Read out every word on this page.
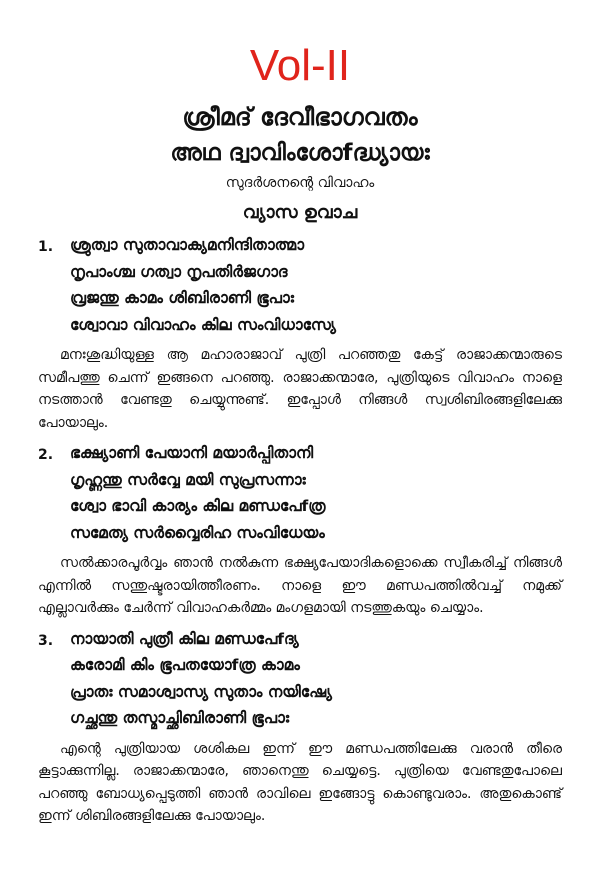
Vol-II
ശ്രീമദ് ദേവീഭാഗവതം
അഥ ദ്വാവിംശോfദ്ധ്യായഃ
സുദർശനന്റെ വിവാഹം
വ്യാസ ഉവാച
1. ശ്രുത്വാ സുതാവാക്യമനിന്ദിതാത്മാ
നൃപാംശ്ച ഗത്വാ നൃപതിർജഗാദ
വ്രജന്തു കാമം ശിബിരാണി ഭൂപാഃ
ശ്വോവാ വിവാഹം കില സംവിധാസ്യേ
മനഃശുദ്ധിയുള്ള ആ മഹാരാജാവ് പുത്രി പറഞ്ഞതു കേട്ട് രാജാക്കന്മാരുടെ സമീപത്തു ചെന്ന് ഇങ്ങനെ പറഞ്ഞു. രാജാക്കന്മാരേ, പുത്രിയുടെ വിവാഹം നാളെ നടത്താൻ വേണ്ടതു ചെയ്യുന്നുണ്ട്. ഇപ്പോൾ നിങ്ങൾ സ്വശിബിരങ്ങളിലേക്കു പോയാലും.
2. ഭക്ഷ്യാണി പേയാനി മയാർപ്പിതാനി
ഗൃഹ്ണന്തു സർവ്വേ മയി സുപ്രസന്നാഃ
ശ്വോ ഭാവി കാര്യം കില മണ്ഡപേfത്ര
സമേത്യ സർവ്വൈരിഹ സംവിധേയം
സൽക്കാരപൂർവ്വം ഞാൻ നൽകുന്ന ഭക്ഷ്യപേയാദികളൊക്കെ സ്വീകരിച്ച് നിങ്ങൾ എന്നിൽ സന്തുഷ്ടരായിത്തീരണം. നാളെ ഈ മണ്ഡപത്തിൽവച്ച് നമുക്ക് എല്ലാവർക്കും ചേർന്ന് വിവാഹകർമ്മം മംഗളമായി നടത്തുകയും ചെയ്യാം.
3. നായാതി പുത്രീ കില മണ്ഡപേfദ്യ
കരോമി കിം ഭൂപതയോfത്ര കാമം
പ്രാതഃ സമാശ്വാസ്യ സുതാം നയിഷ്യേ
ഗച്ഛന്തു തസ്മാച്ഛിബിരാണി ഭൂപാഃ
എന്റെ പുത്രിയായ ശശികല ഇന്ന് ഈ മണ്ഡപത്തിലേക്കു വരാൻ തീരെ കൂട്ടാക്കുന്നില്ല. രാജാക്കന്മാരേ, ഞാനെന്തു ചെയ്യട്ടെ. പുത്രിയെ വേണ്ടതുപോലെ പറഞ്ഞു ബോധ്യപ്പെടുത്തി ഞാൻ രാവിലെ ഇങ്ങോട്ടു കൊണ്ടുവരാം. അതുകൊണ്ട് ഇന്ന് ശിബിരങ്ങളിലേക്കു പോയാലും.
